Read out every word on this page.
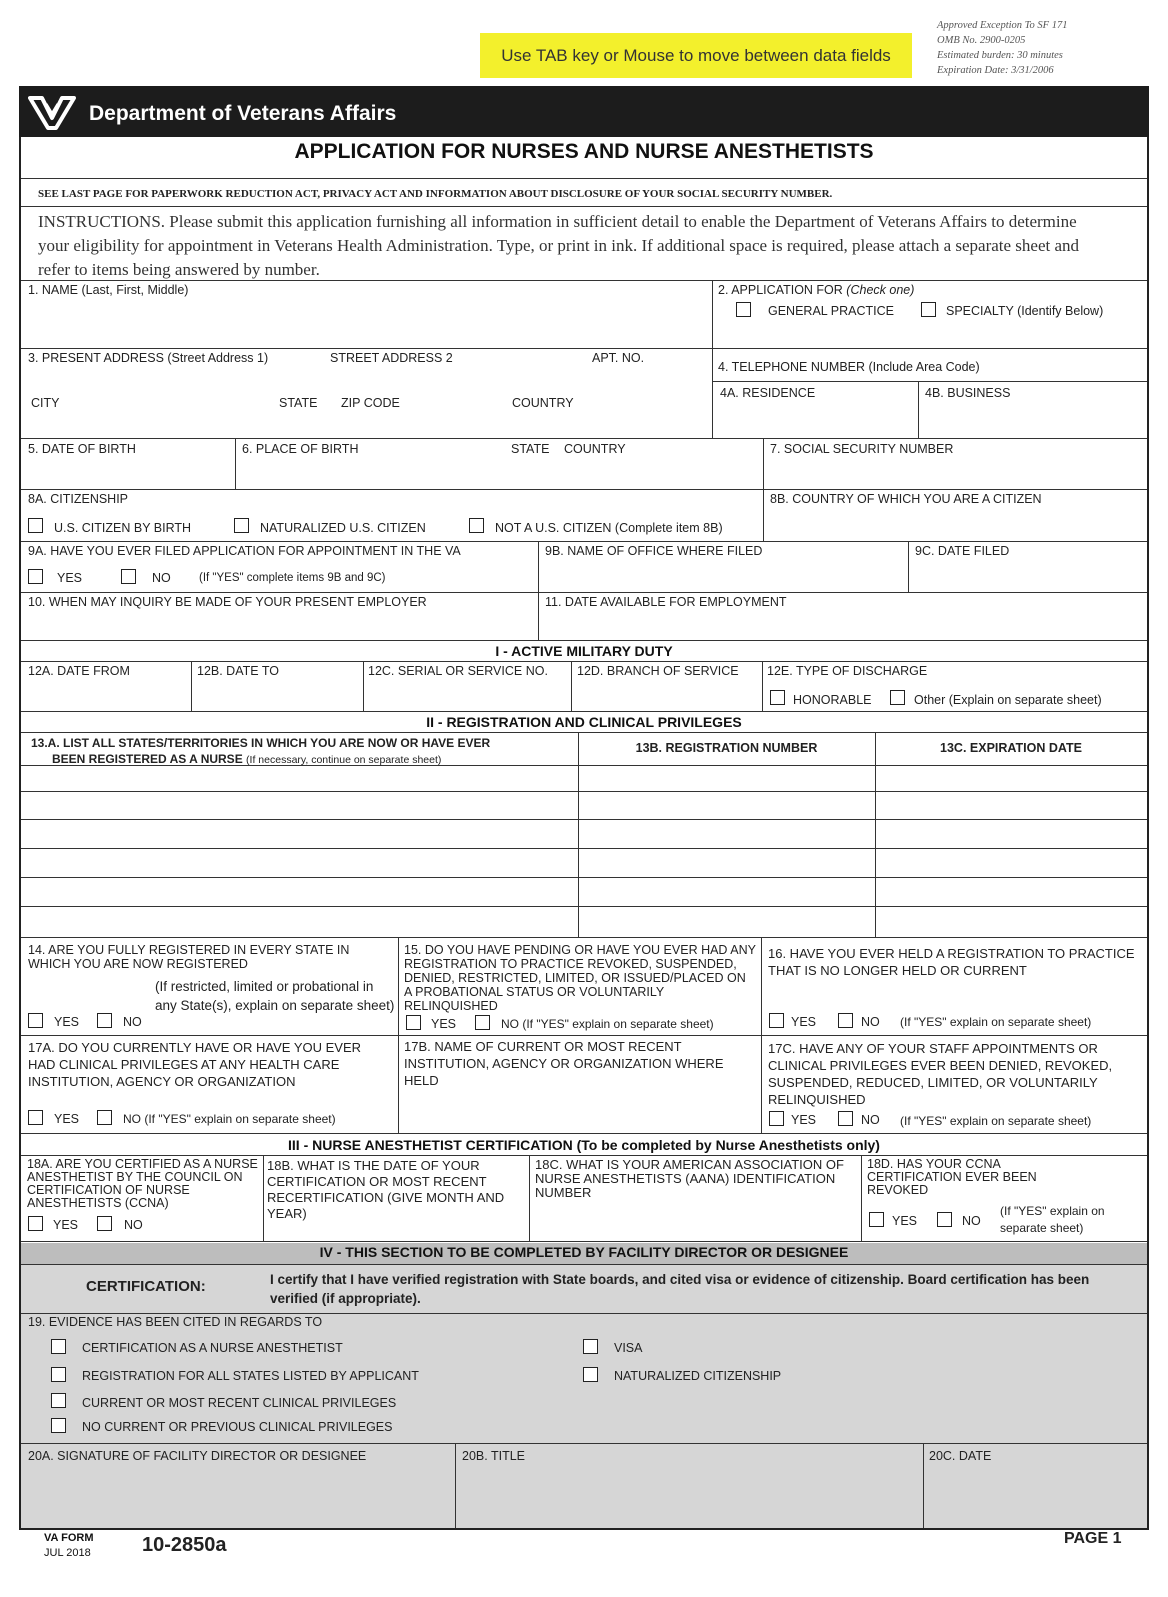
Use TAB key or Mouse to move between data fields
Approved Exception To SF 171
OMB No. 2900-0205
Estimated burden: 30 minutes
Expiration Date: 3/31/2006
Department of Veterans Affairs
APPLICATION FOR NURSES AND NURSE ANESTHETISTS
SEE LAST PAGE FOR PAPERWORK REDUCTION ACT, PRIVACY ACT AND INFORMATION ABOUT DISCLOSURE OF YOUR SOCIAL SECURITY NUMBER.
INSTRUCTIONS. Please submit this application furnishing all information in sufficient detail to enable the Department of Veterans Affairs to determine your eligibility for appointment in Veterans Health Administration. Type, or print in ink. If additional space is required, please attach a separate sheet and refer to items being answered by number.
1. NAME (Last, First, Middle)	2. APPLICATION FOR (Check one)
GENERAL PRACTICE	SPECIALTY (Identify Below)
3. PRESENT ADDRESS (Street Address 1)	STREET ADDRESS 2	APT. NO.
CITY	STATE ZIP CODE	COUNTRY
4. TELEPHONE NUMBER (Include Area Code)
4A. RESIDENCE	4B. BUSINESS
5. DATE OF BIRTH	6. PLACE OF BIRTH	STATE COUNTRY	7. SOCIAL SECURITY NUMBER
8A. CITIZENSHIP
U.S. CITIZEN BY BIRTH	NATURALIZED U.S. CITIZEN	NOT A U.S. CITIZEN (Complete item 8B)
8B. COUNTRY OF WHICH YOU ARE A CITIZEN
9A. HAVE YOU EVER FILED APPLICATION FOR APPOINTMENT IN THE VA
YES	NO (If "YES" complete items 9B and 9C)
9B. NAME OF OFFICE WHERE FILED	9C. DATE FILED
10. WHEN MAY INQUIRY BE MADE OF YOUR PRESENT EMPLOYER	11. DATE AVAILABLE FOR EMPLOYMENT
I - ACTIVE MILITARY DUTY
12A. DATE FROM	12B. DATE TO	12C. SERIAL OR SERVICE NO. 12D. BRANCH OF SERVICE 12E. TYPE OF DISCHARGE
HONORABLE	Other (Explain on separate sheet)
II - REGISTRATION AND CLINICAL PRIVILEGES
13.A. LIST ALL STATES/TERRITORIES IN WHICH YOU ARE NOW OR HAVE EVER
BEEN REGISTERED AS A NURSE (If necessary, continue on separate sheet)
13B. REGISTRATION NUMBER	13C. EXPIRATION DATE
14. ARE YOU FULLY REGISTERED IN EVERY STATE IN WHICH YOU ARE NOW REGISTERED
(If restricted, limited or probational in any State(s), explain on separate sheet)
YES	NO
15. DO YOU HAVE PENDING OR HAVE YOU EVER HAD ANY REGISTRATION TO PRACTICE REVOKED, SUSPENDED, DENIED, RESTRICTED, LIMITED, OR ISSUED/PLACED ON A PROBATIONAL STATUS OR VOLUNTARILY RELINQUISHED
YES	NO (If "YES" explain on separate sheet)
16. HAVE YOU EVER HELD A REGISTRATION TO PRACTICE THAT IS NO LONGER HELD OR CURRENT
YES	NO (If "YES" explain on separate sheet)
17A. DO YOU CURRENTLY HAVE OR HAVE YOU EVER HAD CLINICAL PRIVILEGES AT ANY HEALTH CARE INSTITUTION, AGENCY OR ORGANIZATION
YES	NO (If "YES" explain on separate sheet)
17B. NAME OF CURRENT OR MOST RECENT INSTITUTION, AGENCY OR ORGANIZATION WHERE HELD
17C. HAVE ANY OF YOUR STAFF APPOINTMENTS OR CLINICAL PRIVILEGES EVER BEEN DENIED, REVOKED, SUSPENDED, REDUCED, LIMITED, OR VOLUNTARILY RELINQUISHED
YES	NO (If "YES" explain on separate sheet)
III - NURSE ANESTHETIST CERTIFICATION (To be completed by Nurse Anesthetists only)
18A. ARE YOU CERTIFIED AS A NURSE ANESTHETIST BY THE COUNCIL ON CERTIFICATION OF NURSE ANESTHETISTS (CCNA)
YES	NO
18B. WHAT IS THE DATE OF YOUR CERTIFICATION OR MOST RECENT RECERTIFICATION (GIVE MONTH AND YEAR)
18C. WHAT IS YOUR AMERICAN ASSOCIATION OF NURSE ANESTHETISTS (AANA) IDENTIFICATION NUMBER
18D. HAS YOUR CCNA CERTIFICATION EVER BEEN REVOKED
YES	NO
(If "YES" explain on separate sheet)
IV - THIS SECTION TO BE COMPLETED BY FACILITY DIRECTOR OR DESIGNEE
CERTIFICATION:	I certify that I have verified registration with State boards, and cited visa or evidence of citizenship. Board certification has been verified (if appropriate).
19. EVIDENCE HAS BEEN CITED IN REGARDS TO
CERTIFICATION AS A NURSE ANESTHETIST
REGISTRATION FOR ALL STATES LISTED BY APPLICANT
CURRENT OR MOST RECENT CLINICAL PRIVILEGES
NO CURRENT OR PREVIOUS CLINICAL PRIVILEGES
VISA
NATURALIZED CITIZENSHIP
20A. SIGNATURE OF FACILITY DIRECTOR OR DESIGNEE	20B. TITLE	20C. DATE
VA FORM
JUL 2018	10-2850a	PAGE 1
